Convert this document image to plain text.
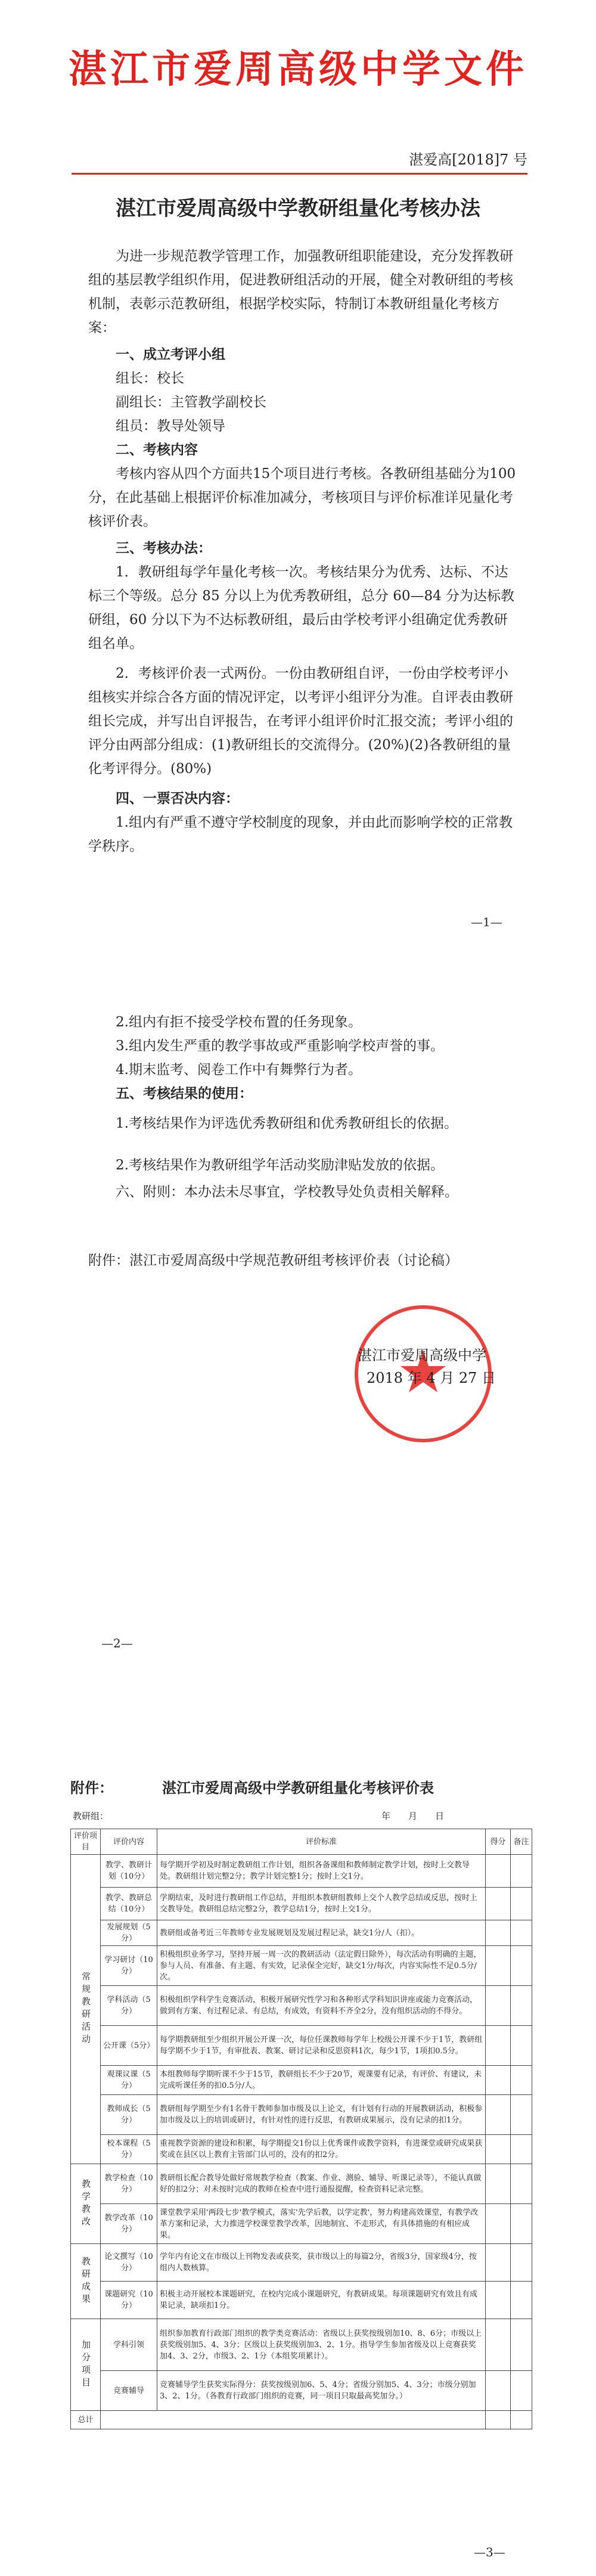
湛江市爱周高级中学文件
湛爱高[2018]7 号
湛江市爱周高级中学教研组量化考核办法
为进一步规范教学管理工作，加强教研组职能建设，充分发挥教研组的基层教学组织作用，促进教研组活动的开展，健全对教研组的考核机制，表彰示范教研组，根据学校实际，特制订本教研组量化考核方案：
一、成立考评小组
组长：校长
副组长：主管教学副校长
组员：教导处领导
二、考核内容
考核内容从四个方面共15个项目进行考核。各教研组基础分为100分，在此基础上根据评价标准加减分，考核项目与评价标准详见量化考核评价表。
三、考核办法：
1．教研组每学年量化考核一次。考核结果分为优秀、达标、不达标三个等级。总分 85 分以上为优秀教研组，总分 60—84 分为达标教研组，60 分以下为不达标教研组，最后由学校考评小组确定优秀教研组名单。
2．考核评价表一式两份。一份由教研组自评，一份由学校考评小组核实并综合各方面的情况评定，以考评小组评分为准。自评表由教研组长完成，并写出自评报告，在考评小组评价时汇报交流；考评小组的评分由两部分组成：(1)教研组长的交流得分。(20%)(2)各教研组的量化考评得分。(80%)
四、一票否决内容：
1.组内有严重不遵守学校制度的现象，并由此而影响学校的正常教学秩序。
—1—
2.组内有拒不接受学校布置的任务现象。
3.组内发生严重的教学事故或严重影响学校声誉的事。
4.期末监考、阅卷工作中有舞弊行为者。
五、考核结果的使用：
1.考核结果作为评选优秀教研组和优秀教研组长的依据。
2.考核结果作为教研组学年活动奖励津贴发放的依据。
六、附则：本办法未尽事宜，学校教导处负责相关解释。
附件：湛江市爱周高级中学规范教研组考核评价表（讨论稿）
湛江市爱周高级中学
2018 年 4 月 27 日
—2—
附件：	湛江市爱周高级中学教研组量化考核评价表
教研组：	年　　月　　日
评价项目	评价内容	评价标准	得分	备注
常规教研活动	教学、教研计划（10分）	每学期开学初及时制定教研组工作计划，组织各备课组和教师制定教学计划，按时上交教导处。教研组计划完整2分；教学计划完整1分；按时上交1分。		
	教学、教研总结（10分）	学期结束，及时进行教研组工作总结，并组织本教研组教师上交个人教学总结或反思，按时上交教导处。教研组总结完整2分，教学总结1分，按时上交1分。		
	发展规划（5分）	教研组或备考近三年教师专业发展规划及发展过程记录，缺交1分/人（扣）。		
	学习研讨（10分）	积极组织业务学习，坚持开展一周一次的教研活动（法定假日除外），每次活动有明确的主题，参与人员、有准备、有主题、有实效，记录保全完好，缺交1分/每次，内容实际性不足0.5分/次。		
	学科活动（5分）	积极组织学科学生竞赛活动，积极开展研究性学习和各种形式学科知识讲座或能力竞赛活动，做到有方案、有过程记录、有总结，有成效，有资料不齐全2分，没有组织活动的不得分。		
	公开课（5分）	每学期教研组至少组织开展公开课一次，每位任课教师每学年上校级公开课不少于1节，教研组每学期不少于1节，有审批表、教案、研讨记录和反思资料1次，每少1节，1项扣0.5分。		
	观课议课（5分）	本组教师每学期听课不少于15节，教研组长不少于20节，观课要有记录，有评价、有建议，未完成听课任务的扣0.5分/人。		
	教师成长（5分）	教研组每学期至少有1名骨干教师参加市级及以上论文，有计划有行动的开展教研活动，积极参加市级及以上的培训或研讨，有针对性的进行反思，有教研成果展示，没有记录的扣1分。		
	校本课程（5分）	重视教学资源的建设和积累，每学期提交1份以上优秀课件或教学资料，有进课堂或研究成果获奖或在县区以上教育主管部门认可的，没有的扣2分。		
教学教改	教学检查（10分）	教研组长配合教导处做好常规教学检查（教案、作业、测验、辅导、听课记录等），不能认真做好的扣2分；对未按时完成的教师在检查中进行通报提醒，检查资料记录完整。		
	教学改革（10分）	课堂教学采用'两段七步'教学模式，落实'先学后教，以学定教'，努力构建高效课堂，有教学改革方案和记录，大力推进学校课堂教学改革，因地制宜、不走形式，有具体措施的有相应成果。		
教研成果	论文撰写（10分）	学年内有论文在市级以上刊物发表或获奖，获市级以上的每篇2分，省级3分，国家级4分，按组内人数核算。		
	课题研究（10分）	积极主动开展校本课题研究，在校内完成小课题研究，有教研成果。每项课题研究有效且有成果记录，缺项扣1分。		
加分项目	学科引领	组织参加教育行政部门组织的教学类竞赛活动：省级以上获奖按级别加10、8、6分；市级以上获奖级别加5、4、3分；区级以上获奖级别加3、2、1分。指导学生参加省级及以上竞赛获奖加4、3、2分，市级3、2、1分（本组奖项累计）。		
	竞赛辅导	竞赛辅导学生获奖实际得分：获奖按级别加6、5、4分；省级分别加5、4、3分；市级分别加3、2、1分。（各教育行政部门组织的竞赛，同一项目只取最高奖加分。）		
总计				
—3—
